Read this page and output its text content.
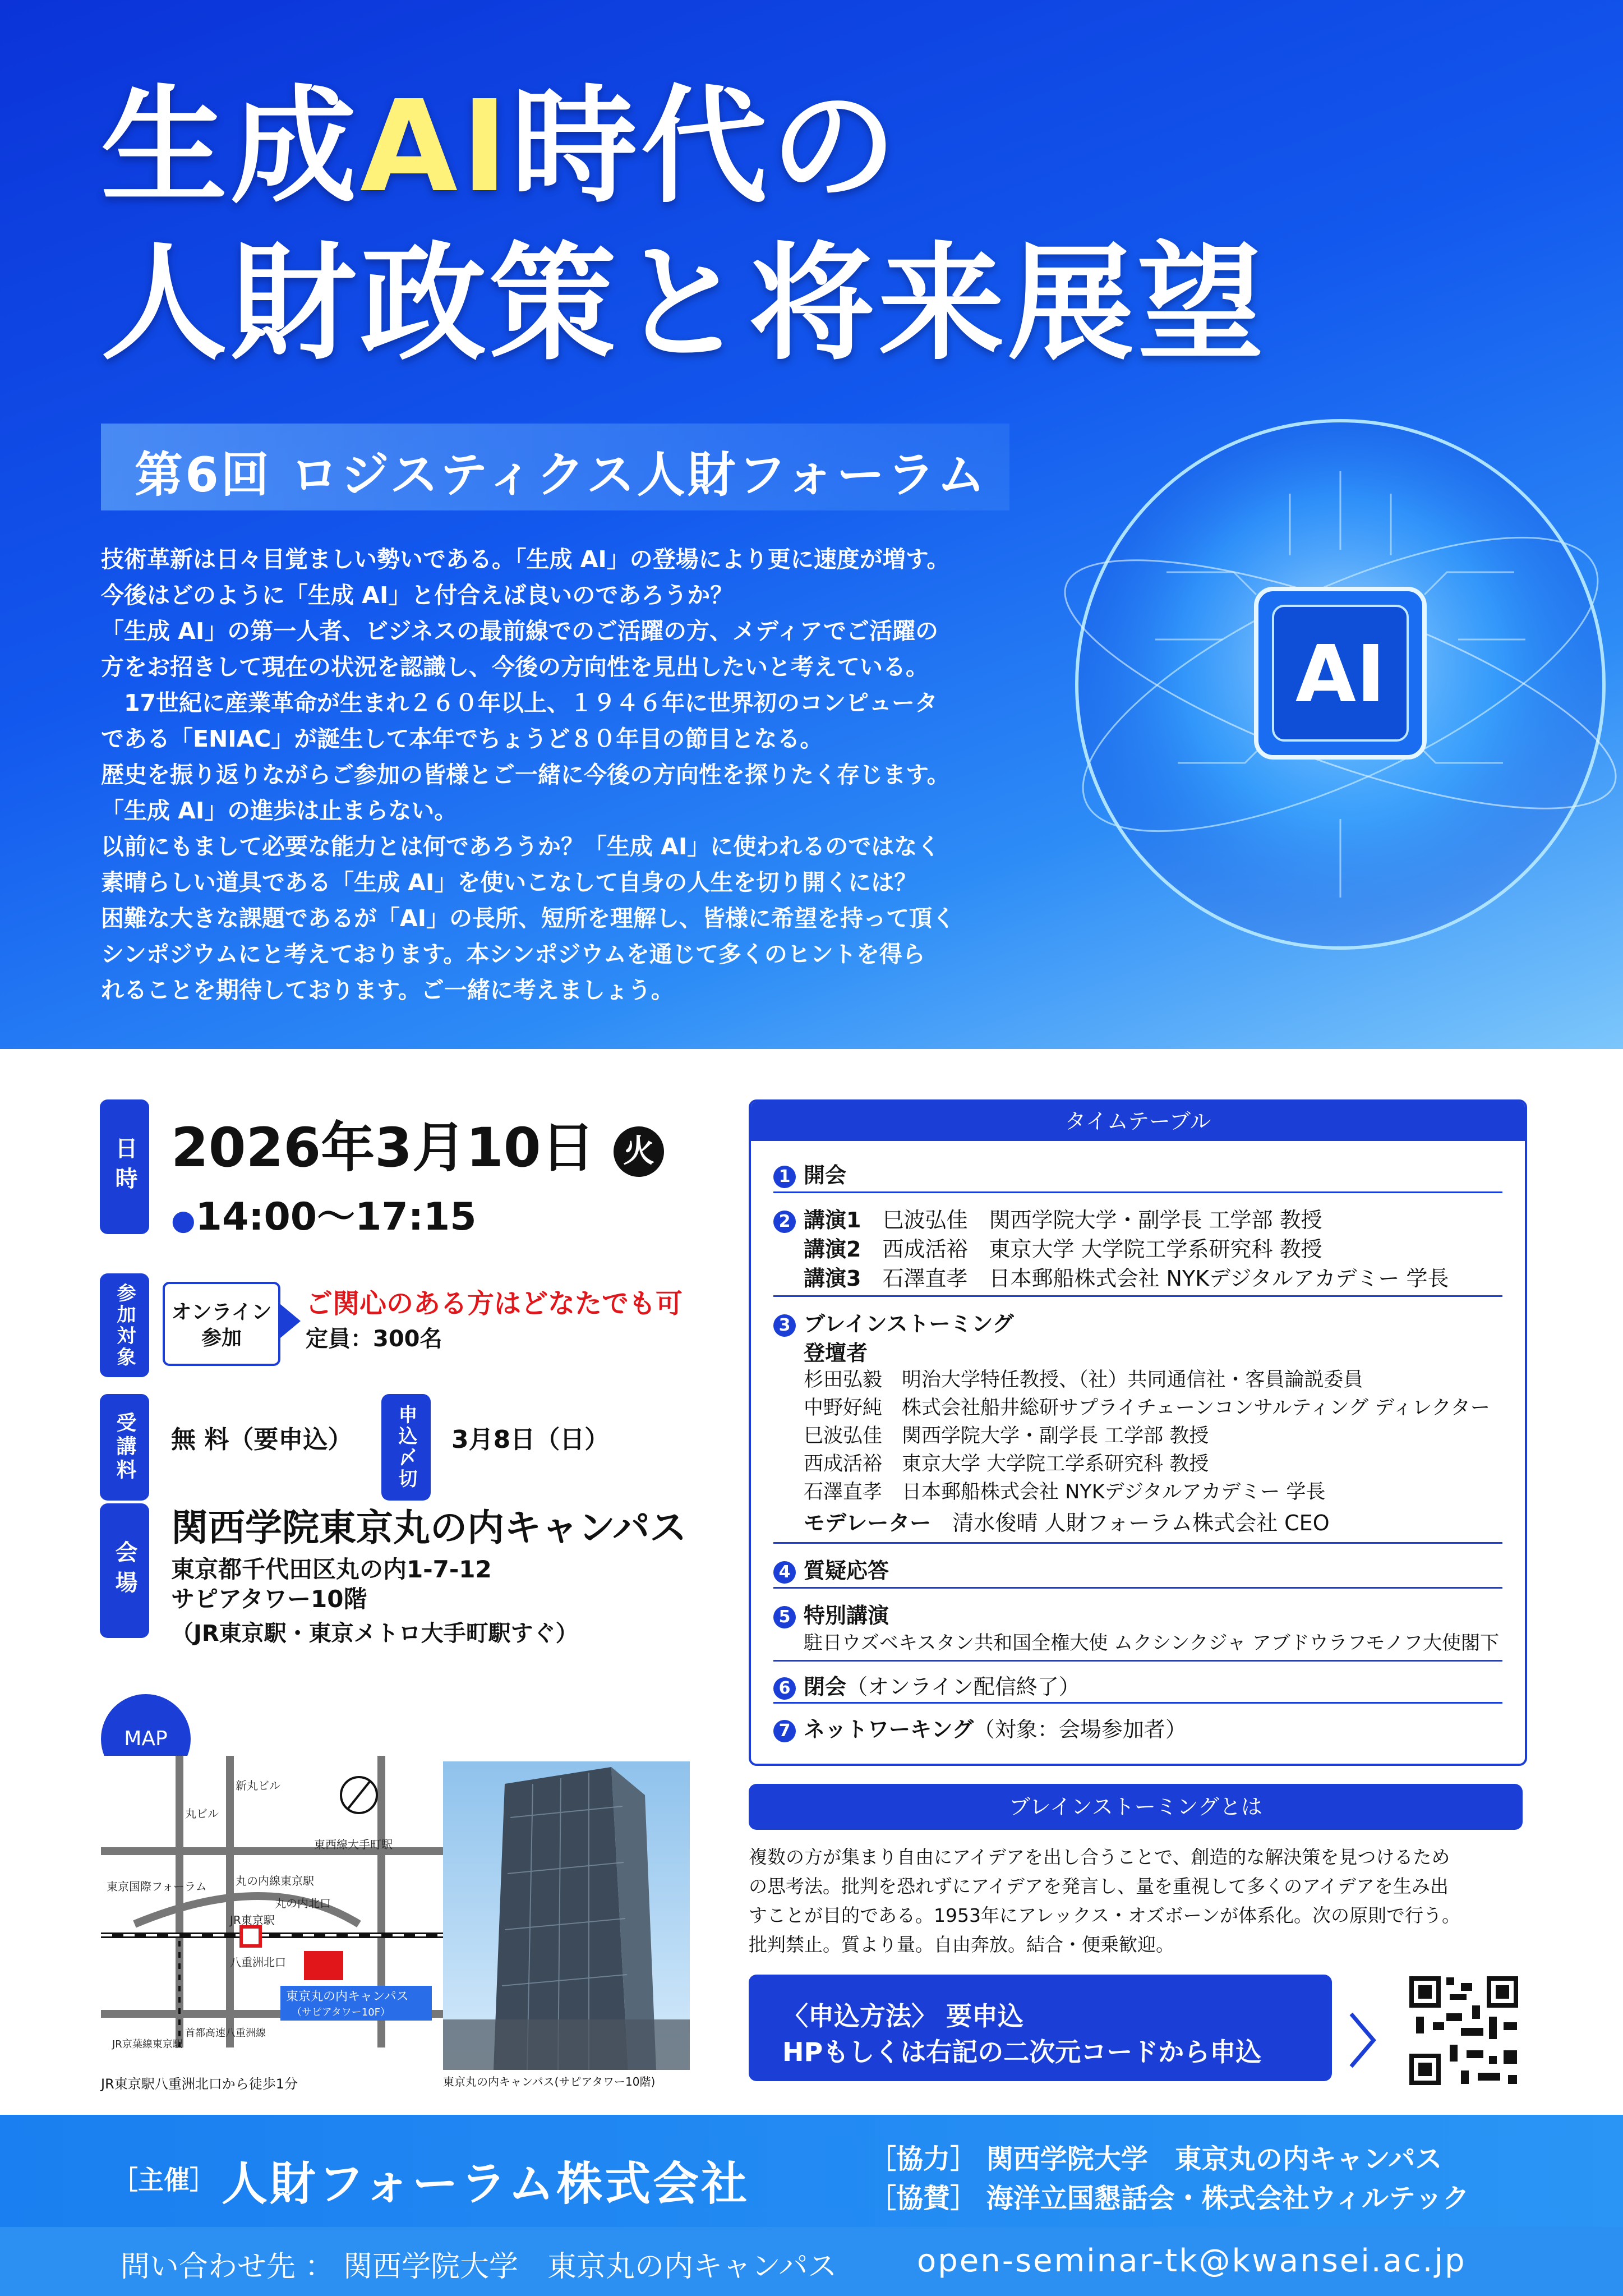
生成AI時代の
人財政策と将来展望
第6回 ロジスティクス人財フォーラム
AI

技術革新は日々目覚ましい勢いである。「生成 AI」の登場により更に速度が増す。

今後はどのように「生成 AI」と付合えば良いのであろうか？

「生成 AI」の第一人者、ビジネスの最前線でのご活躍の方、メディアでご活躍の

方をお招きして現在の状況を認識し、今後の方向性を見出したいと考えている。

　17世紀に産業革命が生まれ２６０年以上、１９４６年に世界初のコンピュータ

である「ENIAC」が誕生して本年でちょうど８０年目の節目となる。

歴史を振り返りながらご参加の皆様とご一緒に今後の方向性を探りたく存じます。

「生成 AI」の進歩は止まらない。

以前にもまして必要な能力とは何であろうか？「生成 AI」に使われるのではなく

素晴らしい道具である「生成 AI」を使いこなして自身の人生を切り開くには？

困難な大きな課題であるが「AI」の長所、短所を理解し、皆様に希望を持って頂く

シンポジウムにと考えております。本シンポジウムを通じて多くのヒントを得ら

れることを期待しております。ご一緒に考えましょう。

日時 2026年3月10日 火
●14:00～17:15
参加対象	オンライン参加
ご関心のある方はどなたでも可
定員：300名
受講料	無 料（要申込）	申込〆切	3月8日（日）
会場
関西学院東京丸の内キャンパス
東京都千代田区丸の内1-7-12
サピアタワー10階
（JR東京駅・東京メトロ大手町駅すぐ）
MAP
東京丸の内キャンパス
（サピアタワー10F）
東西線大手町駅
東京国際フォーラム	丸の内線東京駅
丸の内北口
JR東京駅
八重洲北口
首都高速八重洲線
新丸ビル
丸ビル
JR京葉線東京駅
JR東京駅八重洲北口から徒歩1分	東京丸の内キャンパス(サピアタワー10階)
タイムテーブル
1 開会
2 講演1　 巳波弘佳　関西学院大学・副学長 工学部 教授
講演2　 西成活裕　東京大学 大学院工学系研究科 教授
講演3　 石澤直孝　日本郵船株式会社 NYKデジタルアカデミー 学長
3 ブレインストーミング
登壇者
杉田弘毅　明治大学特任教授、（社）共同通信社・客員論説委員
中野好純　株式会社船井総研サプライチェーンコンサルティング ディレクター
巳波弘佳　関西学院大学・副学長 工学部 教授
西成活裕　東京大学 大学院工学系研究科 教授
石澤直孝　日本郵船株式会社 NYKデジタルアカデミー 学長
モデレーター　 清水俊晴 人財フォーラム株式会社 CEO
4 質疑応答
5 特別講演
駐日ウズベキスタン共和国全権大使 ムクシンクジャ アブドウラフモノフ大使閣下
6 閉会（オンライン配信終了）
7 ネットワーキング（対象：会場参加者）
ブレインストーミングとは
複数の方が集まり自由にアイデアを出し合うことで、創造的な解決策を見つけるため
の思考法。批判を恐れずにアイデアを発言し、量を重視して多くのアイデアを生み出
すことが目的である。1953年にアレックス・オズボーンが体系化。次の原則で行う。
批判禁止。質より量。自由奔放。結合・便乗歓迎。
〈申込方法〉 要申込
HPもしくは右記の二次元コードから申込 〉
［主催］ 人財フォーラム株式会社	［協力］ 関西学院大学　東京丸の内キャンパス
［協賛］ 海洋立国懇話会・株式会社ウィルテック
問い合わせ先 ： 関西学院大学　東京丸の内キャンパス	open-seminar-tk@kwansei.ac.jp
